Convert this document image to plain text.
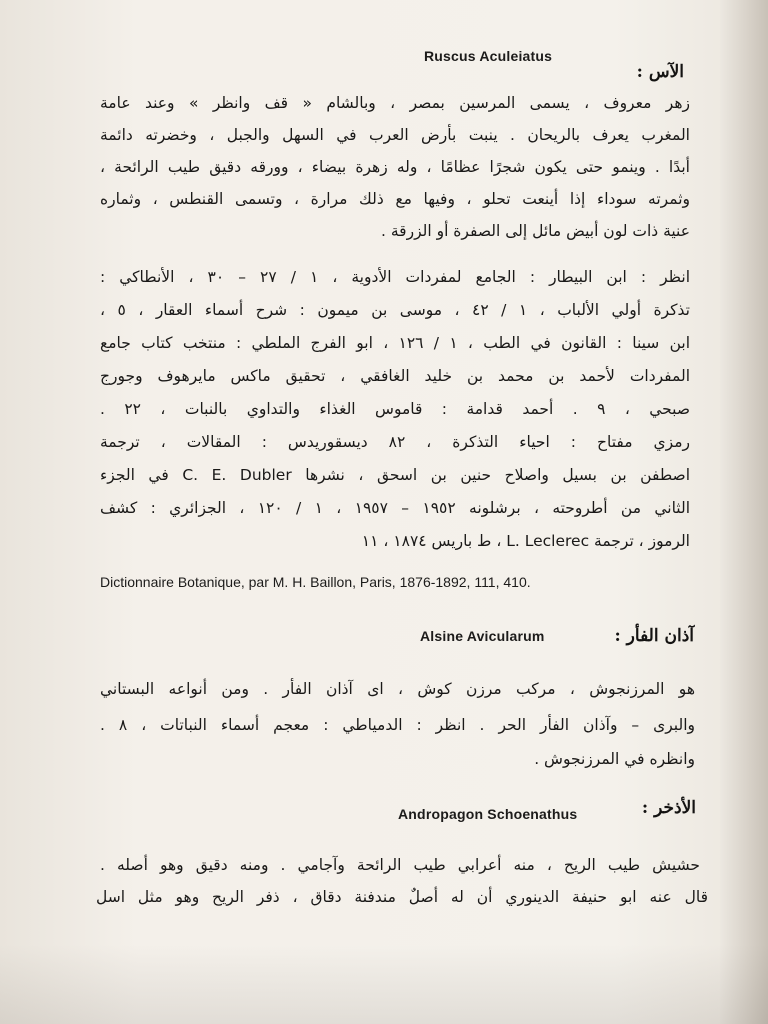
Ruscus Aculeiatus
الآس :
زهر معروف ، يسمى المرسين بمصر ، وبالشام « قف وانظر » وعند عامة
المغرب يعرف بالريحان . ينبت بأرض العرب في السهل والجبل ، وخضرته دائمة
أبدًا . وينمو حتى يكون شجرًا عظامًا ، وله زهرة بيضاء ، وورقه دقيق طيب الرائحة ،
وثمرته سوداء إذا أينعت تحلو ، وفيها مع ذلك مرارة ، وتسمى القنطس ، وثماره
عنية ذات لون أبيض مائل إلى الصفرة أو الزرقة .
انظر : ابن البيطار : الجامع لمفردات الأدوية ، ١ / ٢٧ – ٣٠ ، الأنطاكي :
تذكرة أولي الألباب ، ١ / ٤٢ ، موسى بن ميمون : شرح أسماء العقار ، ٥ ،
ابن سينا : القانون في الطب ، ١ / ١٢٦ ، ابو الفرج الملطي : منتخب كتاب جامع
المفردات لأحمد بن محمد بن خليد الغافقي ، تحقيق ماكس مايرهوف وجورج
صبحي ، ٩ . أحمد قدامة : قاموس الغذاء والتداوي بالنبات ، ٢٢ .
رمزي مفتاح : احياء التذكرة ، ٨٢ ديسقوريدس : المقالات ، ترجمة
اصطفن بن بسيل واصلاح حنين بن اسحق ، نشرها C. E. Dubler في الجزء
الثاني من أطروحته ، برشلونه ١٩٥٢ – ١٩٥٧ ، ١ / ١٢٠ ، الجزائري : كشف
الرموز ، ترجمة L. Leclerec ، ط باريس ١٨٧٤ ، ١١
Dictionnaire Botanique, par M. H. Baillon, Paris, 1876-1892, 111, 410.
Alsine Avicularum	آذان الفأر :
هو المرزنجوش ، مركب مرزن كوش ، اى آذان الفأر . ومن أنواعه البستاني
والبرى – وآذان الفأر الحر . انظر : الدمياطي : معجم أسماء النباتات ، ٨ .
وانظره في المرزنجوش .
Andropagon Schoenathus	الأذخر :
حشيش طيب الريح ، منه أعرابي طيب الرائحة وآجامي . ومنه دقيق وهو أصله .
قال عنه ابو حنيفة الدينوري أن له أصلٌ مندفنة دقاق ، ذفر الريح وهو مثل اسل
